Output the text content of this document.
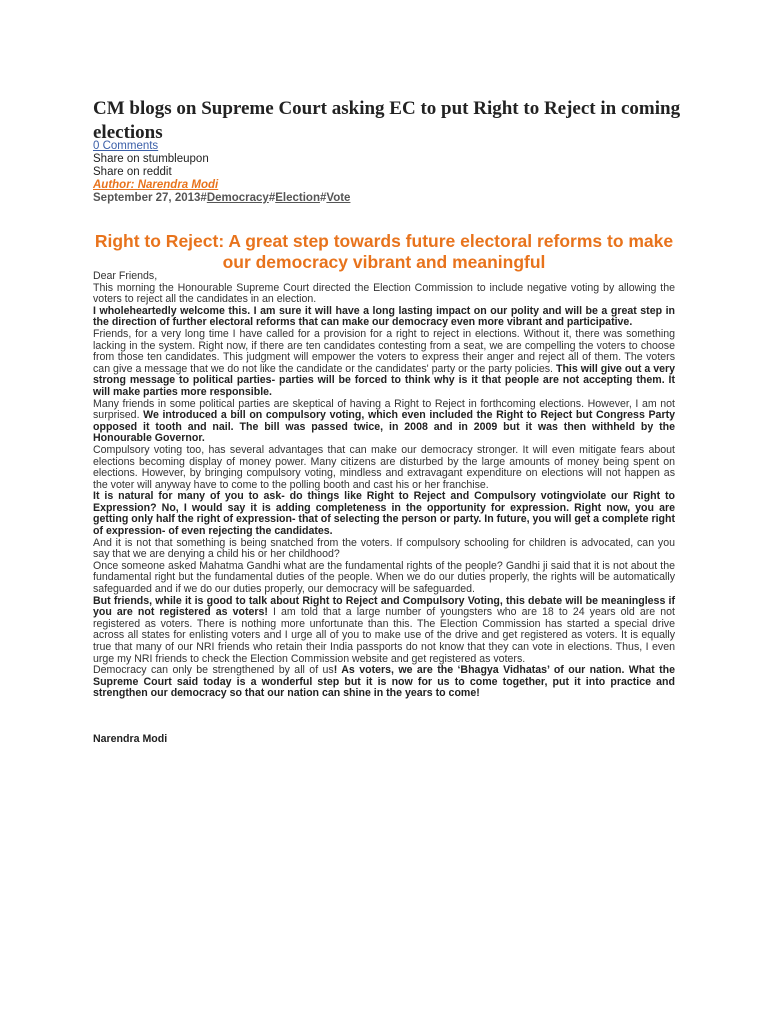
CM blogs on Supreme Court asking EC to put Right to Reject in coming elections
0 Comments
Share on stumbleupon
Share on reddit
Author: Narendra Modi
September 27, 2013#Democracy#Election#Vote
Right to Reject: A great step towards future electoral reforms to make our democracy vibrant and meaningful

Dear Friends,

This morning the Honourable Supreme Court directed the Election Commission to include negative voting by allowing the voters to reject all the candidates in an election.

I wholeheartedly welcome this. I am sure it will have a long lasting impact on our polity and will be a great step in the direction of further electoral reforms that can make our democracy even more vibrant and participative.

Friends, for a very long time I have called for a provision for a right to reject in elections. Without it, there was something lacking in the system. Right now, if there are ten candidates contesting from a seat, we are compelling the voters to choose from those ten candidates. This judgment will empower the voters to express their anger and reject all of them. The voters can give a message that we do not like the candidate or the candidates' party or the party policies. This will give out a very strong message to political parties- parties will be forced to think why is it that people are not accepting them. It will make parties more responsible.

Many friends in some political parties are skeptical of having a Right to Reject in forthcoming elections. However, I am not surprised. We introduced a bill on compulsory voting, which even included the Right to Reject but Congress Party opposed it tooth and nail. The bill was passed twice, in 2008 and in 2009 but it was then withheld by the Honourable Governor.

Compulsory voting too, has several advantages that can make our democracy stronger. It will even mitigate fears about elections becoming display of money power. Many citizens are disturbed by the large amounts of money being spent on elections. However, by bringing compulsory voting, mindless and extravagant expenditure on elections will not happen as the voter will anyway have to come to the polling booth and cast his or her franchise.

It is natural for many of you to ask- do things like Right to Reject and Compulsory votingviolate our Right to Expression? No, I would say it is adding completeness in the opportunity for expression. Right now, you are getting only half the right of expression- that of selecting the person or party. In future, you will get a complete right of expression- of even rejecting the candidates.

And it is not that something is being snatched from the voters. If compulsory schooling for children is advocated, can you say that we are denying a child his or her childhood?

Once someone asked Mahatma Gandhi what are the fundamental rights of the people? Gandhi ji said that it is not about the fundamental right but the fundamental duties of the people. When we do our duties properly, the rights will be automatically safeguarded and if we do our duties properly, our democracy will be safeguarded.

But friends, while it is good to talk about Right to Reject and Compulsory Voting, this debate will be meaningless if you are not registered as voters! I am told that a large number of youngsters who are 18 to 24 years old are not registered as voters. There is nothing more unfortunate than this. The Election Commission has started a special drive across all states for enlisting voters and I urge all of you to make use of the drive and get registered as voters. It is equally true that many of our NRI friends who retain their India passports do not know that they can vote in elections. Thus, I even urge my NRI friends to check the Election Commission website and get registered as voters.

Democracy can only be strengthened by all of us! As voters, we are the ‘Bhagya Vidhatas’ of our nation. What the Supreme Court said today is a wonderful step but it is now for us to come together, put it into practice and strengthen our democracy so that our nation can shine in the years to come!

Narendra Modi
